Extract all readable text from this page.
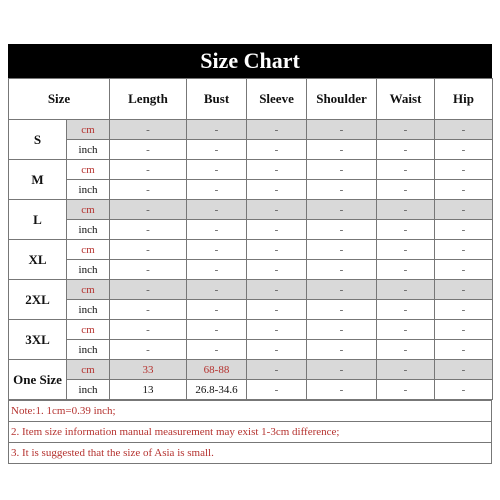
Size Chart
Size		Length	Bust	Sleeve	Shoulder	Waist	Hip
S	cm	-	-	-	-	-	-
	inch	-	-	-	-	-	-
M	cm	-	-	-	-	-	-
	inch	-	-	-	-	-	-
L	cm	-	-	-	-	-	-
	inch	-	-	-	-	-	-
XL	cm	-	-	-	-	-	-
	inch	-	-	-	-	-	-
2XL	cm	-	-	-	-	-	-
	inch	-	-	-	-	-	-
3XL	cm	-	-	-	-	-	-
	inch	-	-	-	-	-	-
One Size	cm	33	68-88	-	-	-	-
	inch	13	26.8-34.6	-	-	-	-
Note:1. 1cm=0.39 inch;
2. Item size information manual measurement may exist 1-3cm difference;
3. It is suggested that the size of Asia is small.
